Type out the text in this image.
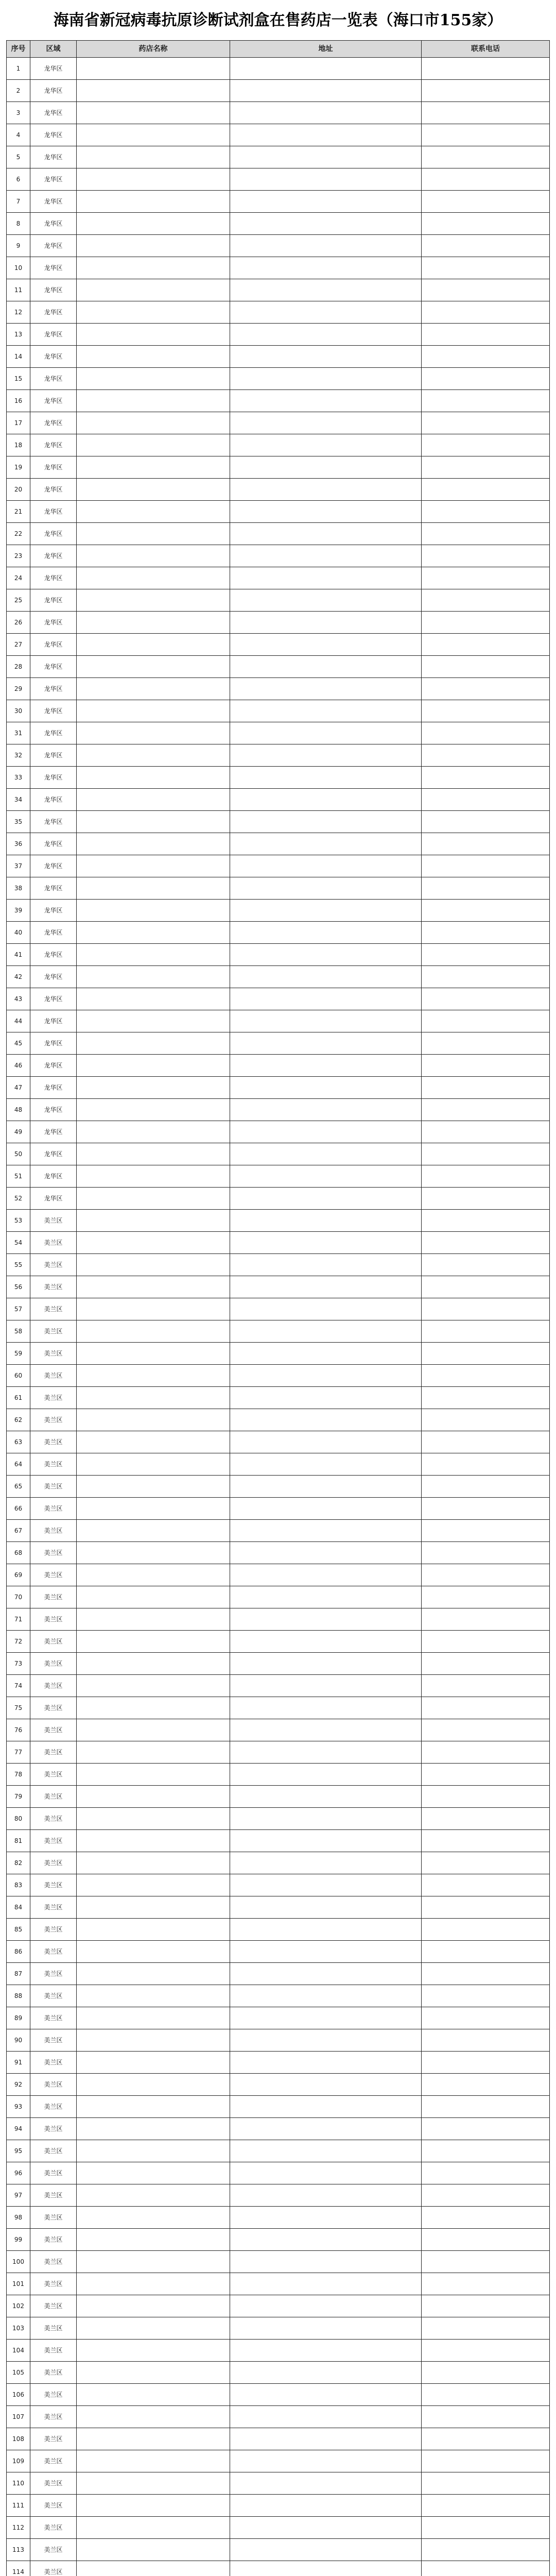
海南省新冠病毒抗原诊断试剂盒在售药店一览表（海口市155家）
序号	区域	药店名称	地址	联系电话
1	龙华区			
2	龙华区			
3	龙华区			
4	龙华区			
5	龙华区			
6	龙华区			
7	龙华区			
8	龙华区			
9	龙华区			
10	龙华区			
11	龙华区			
12	龙华区			
13	龙华区			
14	龙华区			
15	龙华区			
16	龙华区			
17	龙华区			
18	龙华区			
19	龙华区			
20	龙华区			
21	龙华区			
22	龙华区			
23	龙华区			
24	龙华区			
25	龙华区			
26	龙华区			
27	龙华区			
28	龙华区			
29	龙华区			
30	龙华区			
31	龙华区			
32	龙华区			
33	龙华区			
34	龙华区			
35	龙华区			
36	龙华区			
37	龙华区			
38	龙华区			
39	龙华区			
40	龙华区			
41	龙华区			
42	龙华区			
43	龙华区			
44	龙华区			
45	龙华区			
46	龙华区			
47	龙华区			
48	龙华区			
49	龙华区			
50	龙华区			
51	龙华区			
52	龙华区			
53	美兰区			
54	美兰区			
55	美兰区			
56	美兰区			
57	美兰区			
58	美兰区			
59	美兰区			
60	美兰区			
61	美兰区			
62	美兰区			
63	美兰区			
64	美兰区			
65	美兰区			
66	美兰区			
67	美兰区			
68	美兰区			
69	美兰区			
70	美兰区			
71	美兰区			
72	美兰区			
73	美兰区			
74	美兰区			
75	美兰区			
76	美兰区			
77	美兰区			
78	美兰区			
79	美兰区			
80	美兰区			
81	美兰区			
82	美兰区			
83	美兰区			
84	美兰区			
85	美兰区			
86	美兰区			
87	美兰区			
88	美兰区			
89	美兰区			
90	美兰区			
91	美兰区			
92	美兰区			
93	美兰区			
94	美兰区			
95	美兰区			
96	美兰区			
97	美兰区			
98	美兰区			
99	美兰区			
100	美兰区			
101	美兰区			
102	美兰区			
103	美兰区			
104	美兰区			
105	美兰区			
106	美兰区			
107	美兰区			
108	美兰区			
109	美兰区			
110	美兰区			
111	美兰区			
112	美兰区			
113	美兰区			
114	美兰区			
